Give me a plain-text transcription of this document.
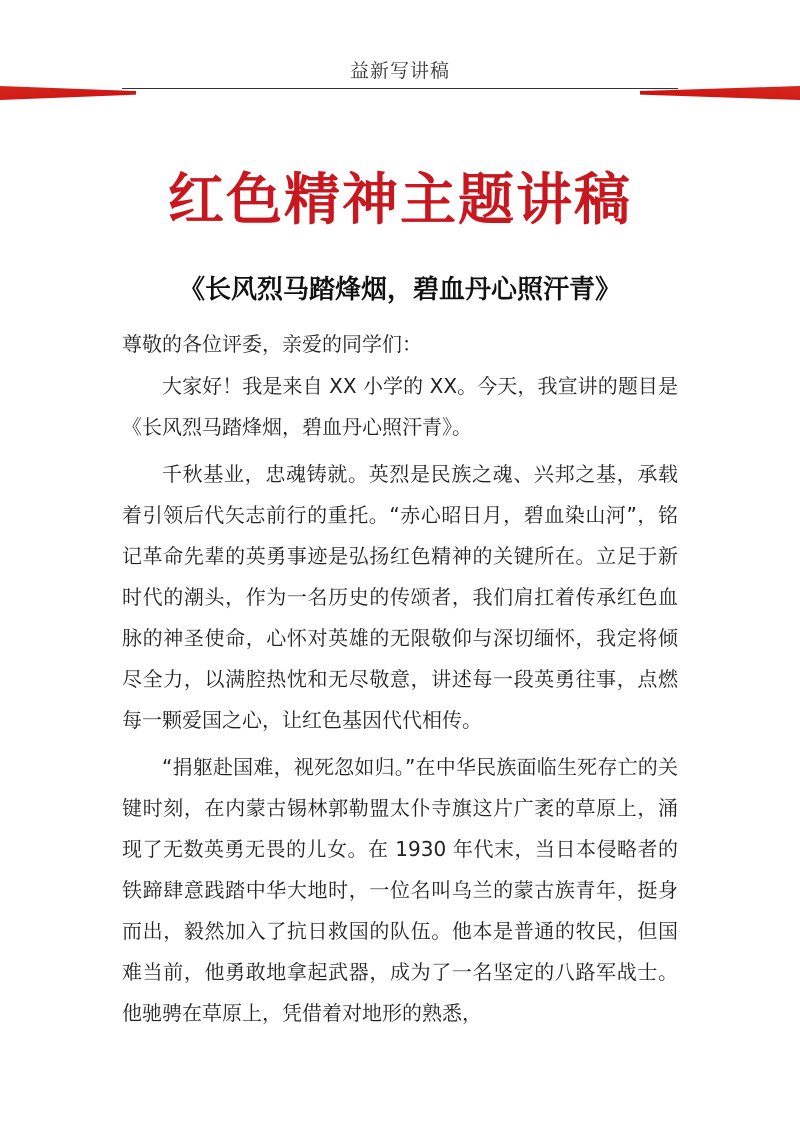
益新写讲稿
红色精神主题讲稿
《长风烈马踏烽烟，碧血丹心照汗青》

尊敬的各位评委，亲爱的同学们：

大家好！我是来自 XX 小学的 XX。今天，我宣讲的题目是《长风烈马踏烽烟，碧血丹心照汗青》。

千秋基业，忠魂铸就。英烈是民族之魂、兴邦之基，承载着引领后代矢志前行的重托。“赤心昭日月，碧血染山河”，铭记革命先辈的英勇事迹是弘扬红色精神的关键所在。立足于新时代的潮头，作为一名历史的传颂者，我们肩扛着传承红色血脉的神圣使命，心怀对英雄的无限敬仰与深切缅怀，我定将倾尽全力，以满腔热忱和无尽敬意，讲述每一段英勇往事，点燃每一颗爱国之心，让红色基因代代相传。

“捐躯赴国难，视死忽如归。”在中华民族面临生死存亡的关键时刻，在内蒙古锡林郭勒盟太仆寺旗这片广袤的草原上，涌现了无数英勇无畏的儿女。在 1930 年代末，当日本侵略者的铁蹄肆意践踏中华大地时，一位名叫乌兰的蒙古族青年，挺身而出，毅然加入了抗日救国的队伍。他本是普通的牧民，但国难当前，他勇敢地拿起武器，成为了一名坚定的八路军战士。他驰骋在草原上，凭借着对地形的熟悉，
